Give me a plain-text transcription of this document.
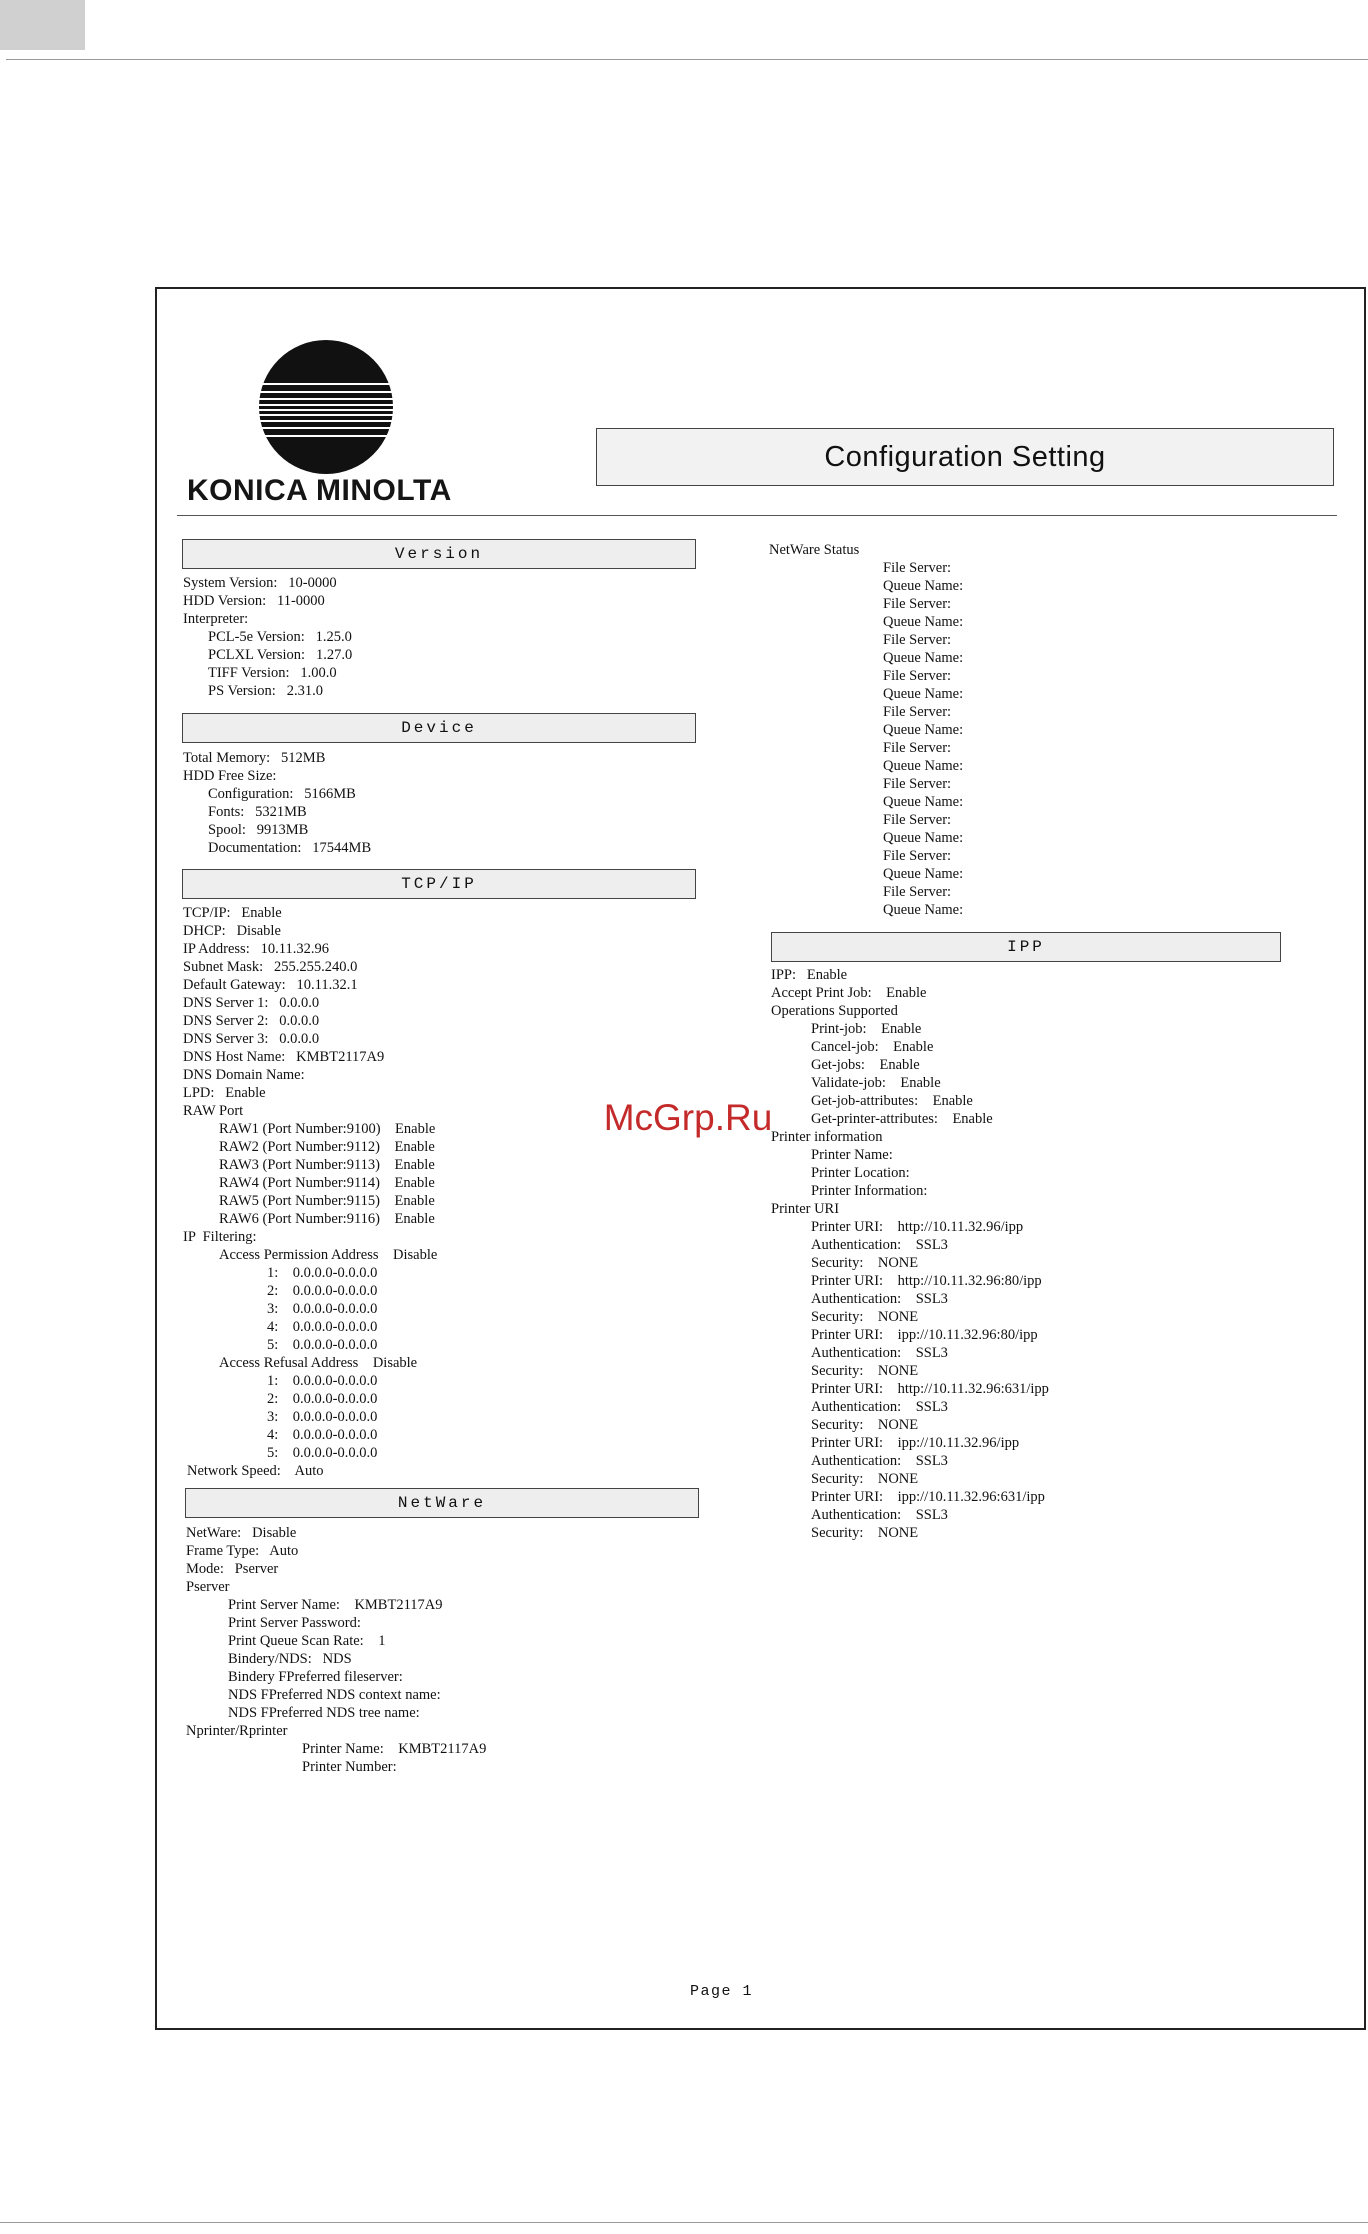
KONICA MINOLTA
Configuration Setting
Version
System Version:   10-0000
HDD Version:   11-0000
Interpreter:
PCL-5e Version:   1.25.0
PCLXL Version:   1.27.0
TIFF Version:   1.00.0
PS Version:   2.31.0
Device
Total Memory:   512MB
HDD Free Size:
Configuration:   5166MB
Fonts:   5321MB
Spool:   9913MB
Documentation:   17544MB
TCP/IP
TCP/IP:   Enable
DHCP:   Disable
IP Address:   10.11.32.96
Subnet Mask:   255.255.240.0
Default Gateway:   10.11.32.1
DNS Server 1:   0.0.0.0
DNS Server 2:   0.0.0.0
DNS Server 3:   0.0.0.0
DNS Host Name:   KMBT2117A9
DNS Domain Name:
LPD:   Enable
RAW Port
RAW1 (Port Number:9100)    Enable
RAW2 (Port Number:9112)    Enable
RAW3 (Port Number:9113)    Enable
RAW4 (Port Number:9114)    Enable
RAW5 (Port Number:9115)    Enable
RAW6 (Port Number:9116)    Enable
IP  Filtering:
Access Permission Address    Disable
1:    0.0.0.0-0.0.0.0
2:    0.0.0.0-0.0.0.0
3:    0.0.0.0-0.0.0.0
4:    0.0.0.0-0.0.0.0
5:    0.0.0.0-0.0.0.0
Access Refusal Address    Disable
1:    0.0.0.0-0.0.0.0
2:    0.0.0.0-0.0.0.0
3:    0.0.0.0-0.0.0.0
4:    0.0.0.0-0.0.0.0
5:    0.0.0.0-0.0.0.0
Network Speed:    Auto
NetWare
NetWare:   Disable
Frame Type:   Auto
Mode:   Pserver
Pserver
Print Server Name:    KMBT2117A9
Print Server Password:
Print Queue Scan Rate:    1
Bindery/NDS:   NDS
Bindery FPreferred fileserver:
NDS FPreferred NDS context name:
NDS FPreferred NDS tree name:
Nprinter/Rprinter
Printer Name:    KMBT2117A9
Printer Number:
NetWare Status
File Server:
Queue Name:
File Server:
Queue Name:
File Server:
Queue Name:
File Server:
Queue Name:
File Server:
Queue Name:
File Server:
Queue Name:
File Server:
Queue Name:
File Server:
Queue Name:
File Server:
Queue Name:
File Server:
Queue Name:
IPP
IPP:   Enable
Accept Print Job:    Enable
Operations Supported
Print-job:    Enable
Cancel-job:    Enable
Get-jobs:    Enable
Validate-job:    Enable
Get-job-attributes:    Enable
Get-printer-attributes:    Enable
Printer information
Printer Name:
Printer Location:
Printer Information:
Printer URI
Printer URI:    http://10.11.32.96/ipp
Authentication:    SSL3
Security:    NONE
Printer URI:    http://10.11.32.96:80/ipp
Authentication:    SSL3
Security:    NONE
Printer URI:    ipp://10.11.32.96:80/ipp
Authentication:    SSL3
Security:    NONE
Printer URI:    http://10.11.32.96:631/ipp
Authentication:    SSL3
Security:    NONE
Printer URI:    ipp://10.11.32.96/ipp
Authentication:    SSL3
Security:    NONE
Printer URI:    ipp://10.11.32.96:631/ipp
Authentication:    SSL3
Security:    NONE
Page 1
McGrp.Ru
